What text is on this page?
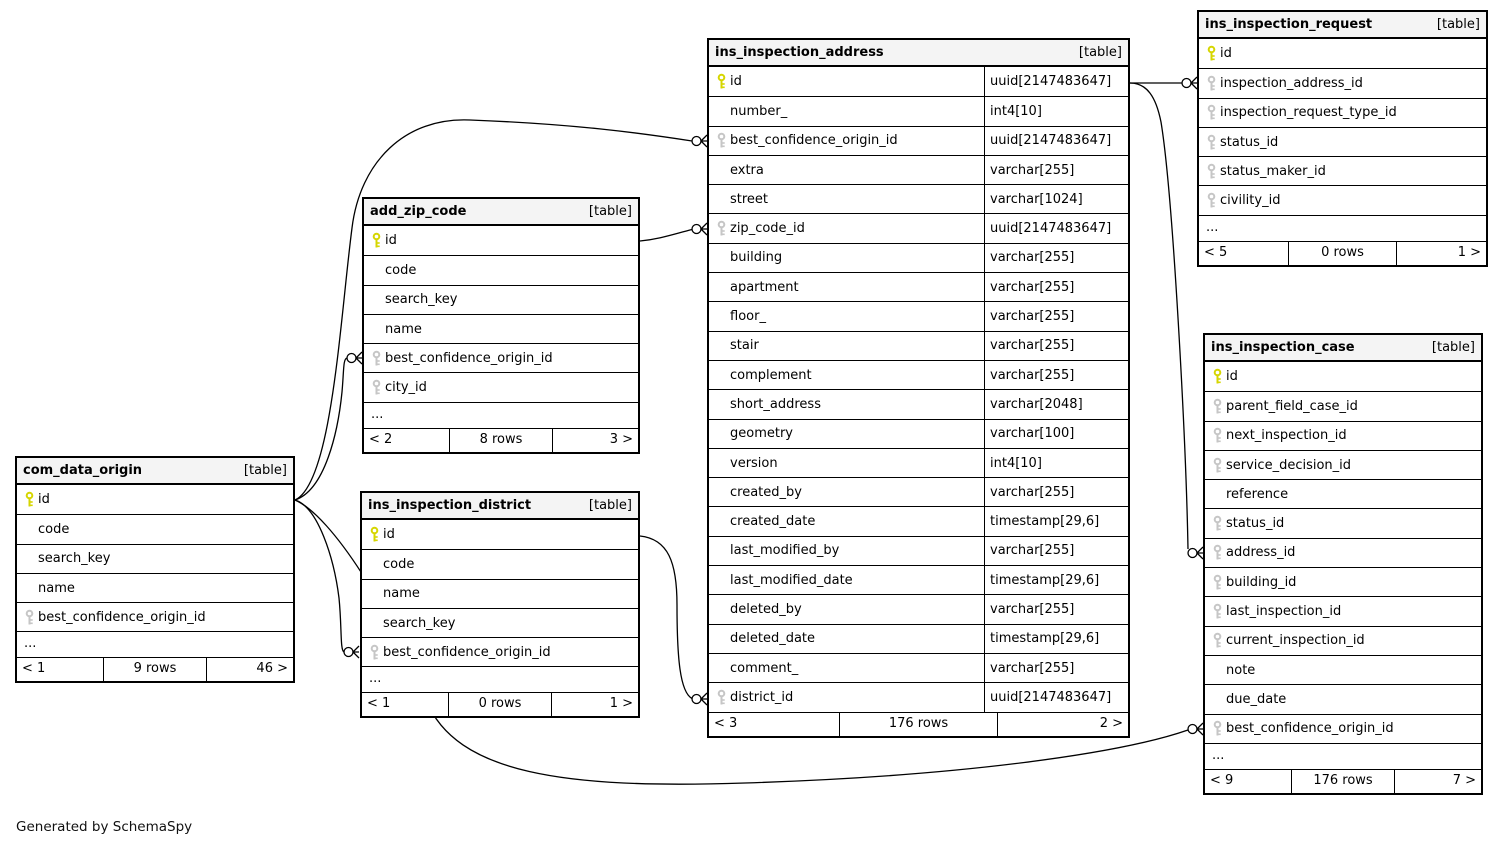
com_data_origin	[table]
id
code
search_key
name
best_confidence_origin_id
...
< 1	9 rows	46 >
add_zip_code	[table]
id
code
search_key
name
best_confidence_origin_id
city_id
...
< 2	8 rows	3 >
ins_inspection_district	[table]
id
code
name
search_key
best_confidence_origin_id
...
< 1	0 rows	1 >
ins_inspection_address	[table]
id	uuid[2147483647]
number_	int4[10]
best_confidence_origin_id	uuid[2147483647]
extra	varchar[255]
street	varchar[1024]
zip_code_id	uuid[2147483647]
building	varchar[255]
apartment	varchar[255]
floor_	varchar[255]
stair	varchar[255]
complement	varchar[255]
short_address	varchar[2048]
geometry	varchar[100]
version	int4[10]
created_by	varchar[255]
created_date	timestamp[29,6]
last_modified_by	varchar[255]
last_modified_date	timestamp[29,6]
deleted_by	varchar[255]
deleted_date	timestamp[29,6]
comment_	varchar[255]
district_id	uuid[2147483647]
< 3	176 rows	2 >
ins_inspection_request	[table]
id
inspection_address_id
inspection_request_type_id
status_id
status_maker_id
civility_id
...
< 5	0 rows	1 >
ins_inspection_case	[table]
id
parent_field_case_id
next_inspection_id
service_decision_id
reference
status_id
address_id
building_id
last_inspection_id
current_inspection_id
note
due_date
best_confidence_origin_id
...
< 9	176 rows	7 >
Generated by SchemaSpy
